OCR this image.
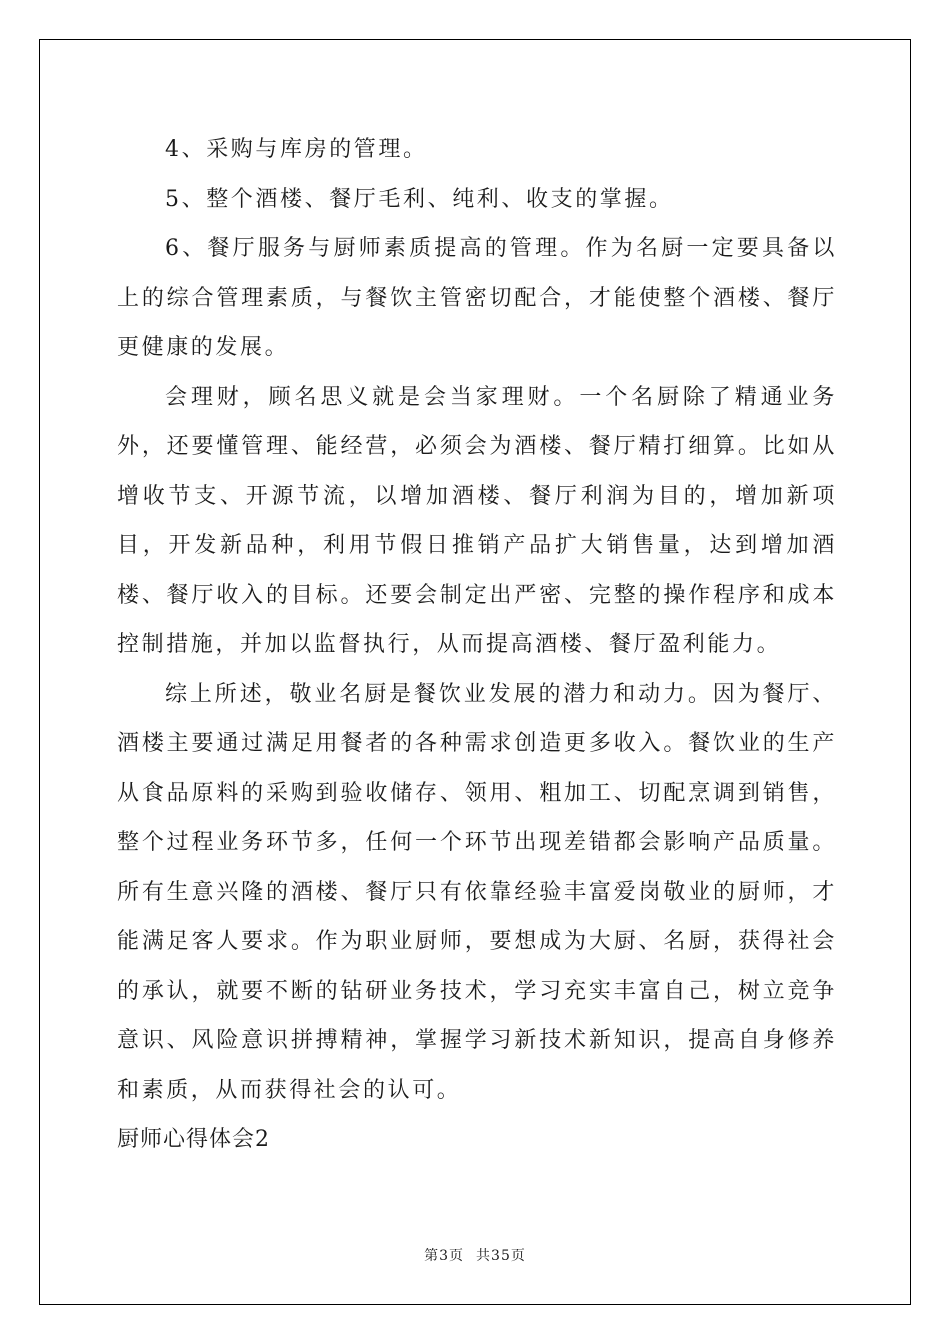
4、采购与库房的管理。

5、整个酒楼、餐厅毛利、纯利、收支的掌握。

6、餐厅服务与厨师素质提高的管理。作为名厨一定要具备以上的综合管理素质，与餐饮主管密切配合，才能使整个酒楼、餐厅更健康的发展。

会理财，顾名思义就是会当家理财。一个名厨除了精通业务外，还要懂管理、能经营，必须会为酒楼、餐厅精打细算。比如从增收节支、开源节流，以增加酒楼、餐厅利润为目的，增加新项目，开发新品种，利用节假日推销产品扩大销售量，达到增加酒楼、餐厅收入的目标。还要会制定出严密、完整的操作程序和成本控制措施，并加以监督执行，从而提高酒楼、餐厅盈利能力。

综上所述，敬业名厨是餐饮业发展的潜力和动力。因为餐厅、酒楼主要通过满足用餐者的各种需求创造更多收入。餐饮业的生产从食品原料的采购到验收储存、领用、粗加工、切配烹调到销售，整个过程业务环节多，任何一个环节出现差错都会影响产品质量。所有生意兴隆的酒楼、餐厅只有依靠经验丰富爱岗敬业的厨师，才能满足客人要求。作为职业厨师，要想成为大厨、名厨，获得社会的承认，就要不断的钻研业务技术，学习充实丰富自己，树立竞争意识、风险意识拼搏精神，掌握学习新技术新知识，提高自身修养和素质，从而获得社会的认可。

厨师心得体会2

第3页 共35页
